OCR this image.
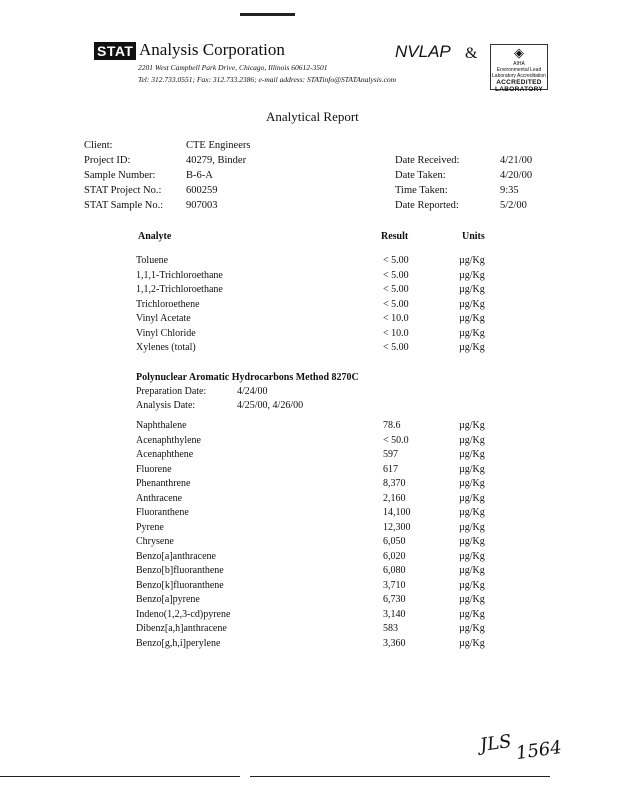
STAT Analysis Corporation
2201 West Campbell Park Drive, Chicago, Illinois 60612-3501
Tel: 312.733.0551; Fax: 312.733.2386; e-mail address: STATinfo@STATAnalysis.com
NVLAP &	◈
AIHA
Environmental Lead
Laboratory Accreditation
ACCREDITED
LABORATORY
Analytical Report
Client:	CTE Engineers
Project ID:	40279, Binder
Sample Number:	B-6-A
STAT Project No.: 600259
STAT Sample No.: 907003
Date Received:	4/21/00
Date Taken:	4/20/00
Time Taken:	9:35
Date Reported:	5/2/00
Analyte	Result	Units
Toluene	< 5.00	µg/Kg
1,1,1-Trichloroethane	< 5.00	µg/Kg
1,1,2-Trichloroethane	< 5.00	µg/Kg
Trichloroethene	< 5.00	µg/Kg
Vinyl Acetate	< 10.0	µg/Kg
Vinyl Chloride	< 10.0	µg/Kg
Xylenes (total)	< 5.00	µg/Kg
Polynuclear Aromatic Hydrocarbons Method 8270C
Preparation Date:	4/24/00
Analysis Date:	4/25/00, 4/26/00
Naphthalene	78.6	µg/Kg
Acenaphthylene	< 50.0	µg/Kg
Acenaphthene	597	µg/Kg
Fluorene	617	µg/Kg
Phenanthrene	8,370	µg/Kg
Anthracene	2,160	µg/Kg
Fluoranthene	14,100	µg/Kg
Pyrene	12,300	µg/Kg
Chrysene	6,050	µg/Kg
Benzo[a]anthracene	6,020	µg/Kg
Benzo[b]fluoranthene	6,080	µg/Kg
Benzo[k]fluoranthene	3,710	µg/Kg
Benzo[a]pyrene	6,730	µg/Kg
Indeno(1,2,3-cd)pyrene	3,140	µg/Kg
Dibenz[a,h]anthracene	583	µg/Kg
Benzo[g,h,i]perylene	3,360	µg/Kg
JLS 1564
